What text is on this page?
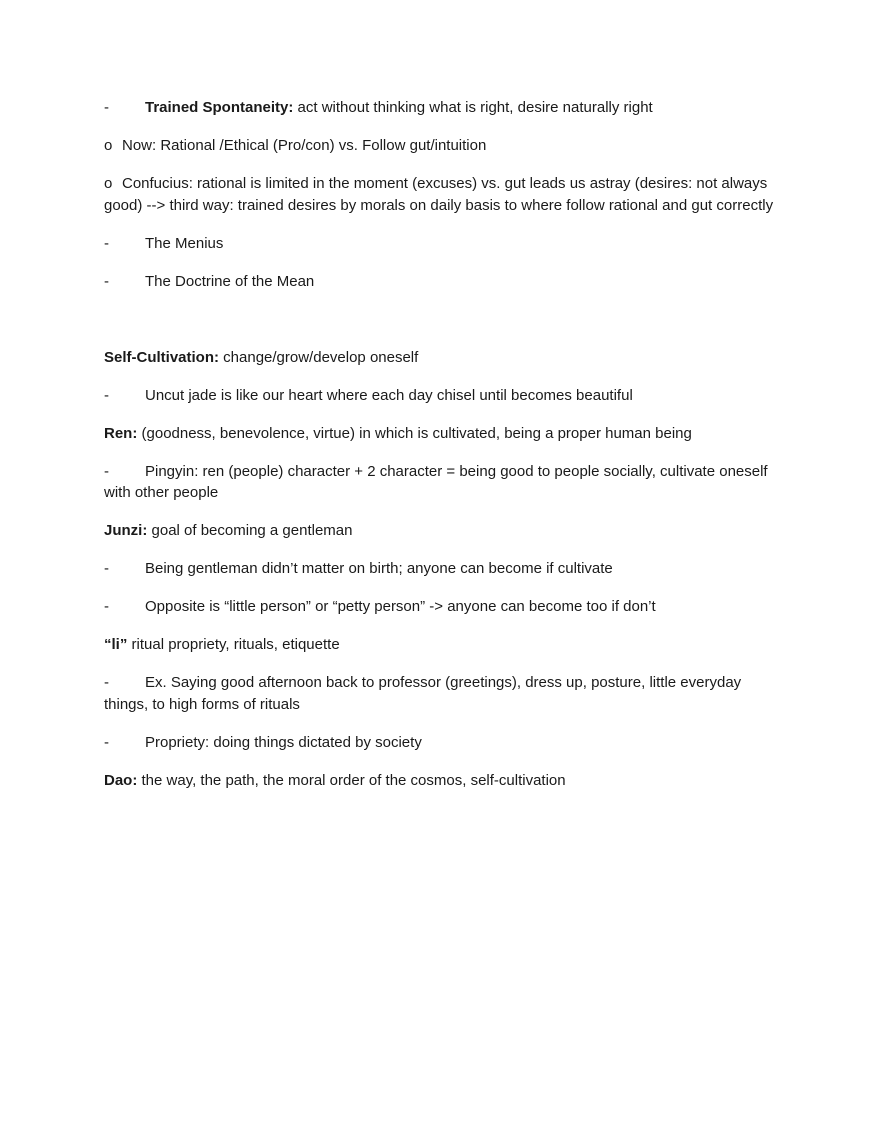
- Trained Spontaneity: act without thinking what is right, desire naturally right

o Now: Rational /Ethical (Pro/con) vs. Follow gut/intuition

o Confucius: rational is limited in the moment (excuses) vs. gut leads us astray (desires: not always good) --> third way: trained desires by morals on daily basis to where follow rational and gut correctly

- The Menius

- The Doctrine of the Mean

Self-Cultivation: change/grow/develop oneself

- Uncut jade is like our heart where each day chisel until becomes beautiful

Ren: (goodness, benevolence, virtue) in which is cultivated, being a proper human being

- Pingyin: ren (people) character + 2 character = being good to people socially, cultivate oneself with other people

Junzi: goal of becoming a gentleman

- Being gentleman didn’t matter on birth; anyone can become if cultivate

- Opposite is “little person” or “petty person” -> anyone can become too if don’t

“li” ritual propriety, rituals, etiquette

- Ex. Saying good afternoon back to professor (greetings), dress up, posture, little everyday things, to high forms of rituals

- Propriety: doing things dictated by society

Dao: the way, the path, the moral order of the cosmos, self-cultivation
